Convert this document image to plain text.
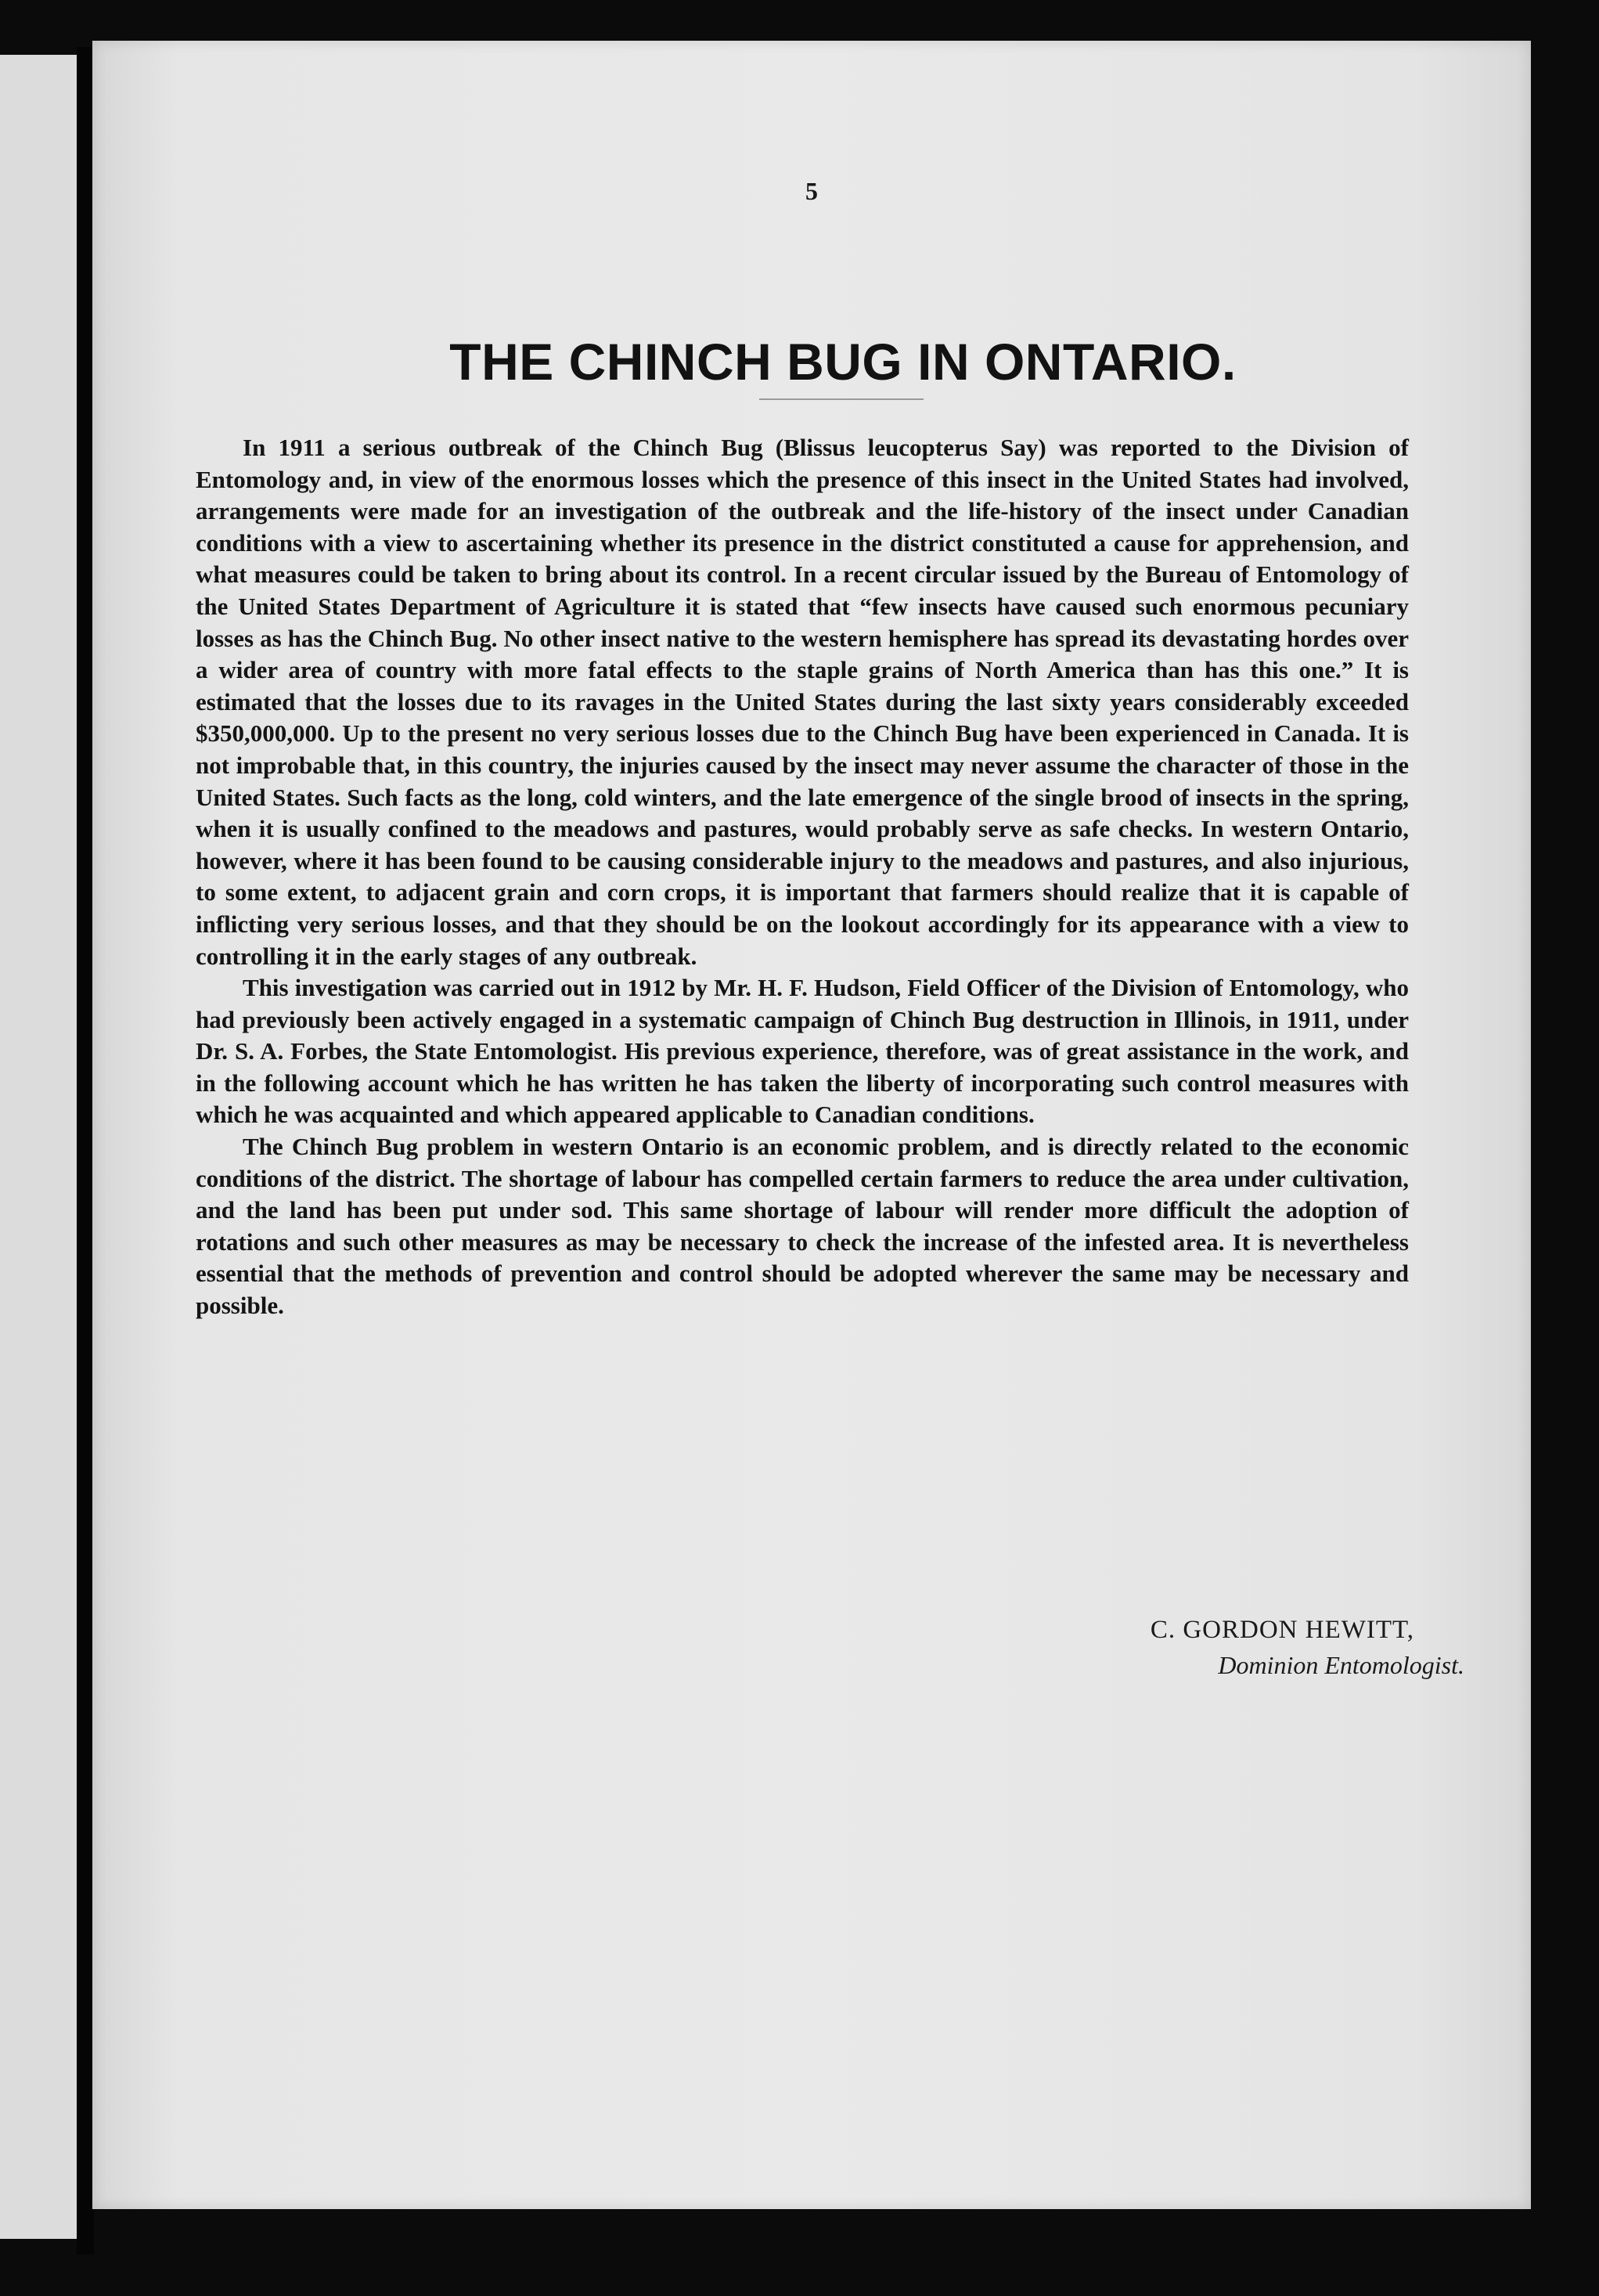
5
THE CHINCH BUG IN ONTARIO.

In 1911 a serious outbreak of the Chinch Bug (Blissus leucopterus Say) was reported to the Division of Entomology and, in view of the enormous losses which the presence of this insect in the United States had involved, arrangements were made for an investigation of the outbreak and the life-history of the insect under Canadian conditions with a view to ascertaining whether its presence in the district constituted a cause for apprehension, and what measures could be taken to bring about its control. In a recent circular issued by the Bureau of Entomology of the United States Department of Agriculture it is stated that “few insects have caused such enormous pecuniary losses as has the Chinch Bug. No other insect native to the western hemisphere has spread its devastating hordes over a wider area of country with more fatal effects to the staple grains of North America than has this one.” It is estimated that the losses due to its ravages in the United States during the last sixty years considerably exceeded $350,000,000. Up to the present no very serious losses due to the Chinch Bug have been experienced in Canada. It is not improbable that, in this country, the injuries caused by the insect may never assume the character of those in the United States. Such facts as the long, cold winters, and the late emergence of the single brood of insects in the spring, when it is usually confined to the meadows and pastures, would probably serve as safe checks. In western Ontario, however, where it has been found to be causing considerable injury to the meadows and pastures, and also injurious, to some extent, to adjacent grain and corn crops, it is important that farmers should realize that it is capable of inflicting very serious losses, and that they should be on the lookout accordingly for its appearance with a view to controlling it in the early stages of any outbreak.

This investigation was carried out in 1912 by Mr. H. F. Hudson, Field Officer of the Division of Entomology, who had previously been actively engaged in a systematic campaign of Chinch Bug destruction in Illinois, in 1911, under Dr. S. A. Forbes, the State Entomologist. His previous experience, therefore, was of great assistance in the work, and in the following account which he has written he has taken the liberty of incorporating such control measures with which he was acquainted and which appeared applicable to Canadian conditions.

The Chinch Bug problem in western Ontario is an economic problem, and is directly related to the economic conditions of the district. The shortage of labour has compelled certain farmers to reduce the area under cultivation, and the land has been put under sod. This same shortage of labour will render more difficult the adoption of rotations and such other measures as may be necessary to check the increase of the infested area. It is nevertheless essential that the methods of prevention and control should be adopted wherever the same may be necessary and possible.

C. GORDON HEWITT,
Dominion Entomologist.
